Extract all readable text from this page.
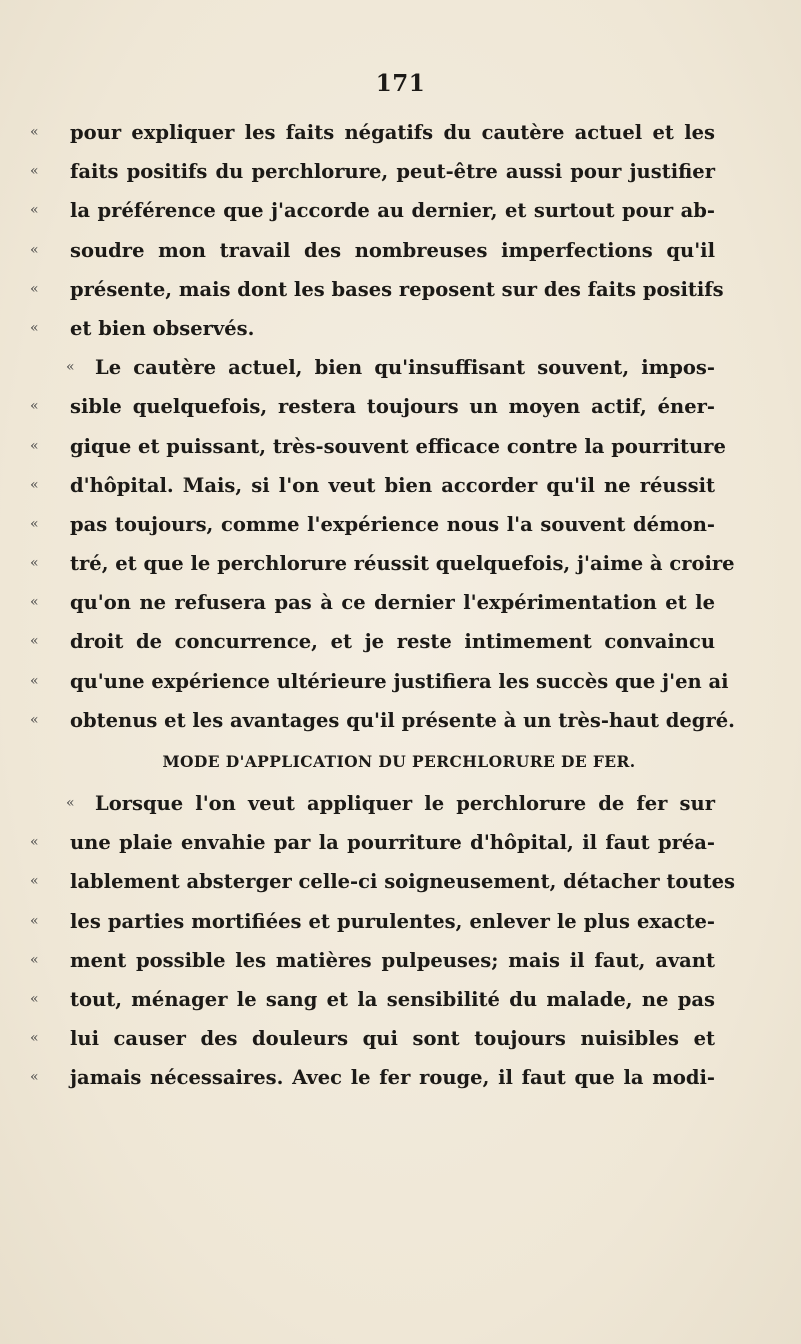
171
« pour expliquer les faits négatifs du cautère actuel et les
« faits positifs du perchlorure, peut-être aussi pour justifier
« la préférence que j'accorde au dernier, et surtout pour ab-
« soudre mon travail des nombreuses imperfections qu'il
« présente, mais dont les bases reposent sur des faits positifs
« et bien observés.
« Le cautère actuel, bien qu'insuffisant souvent, impos-
« sible quelquefois, restera toujours un moyen actif, éner-
« gique et puissant, très-souvent efficace contre la pourriture
« d'hôpital. Mais, si l'on veut bien accorder qu'il ne réussit
« pas toujours, comme l'expérience nous l'a souvent démon-
« tré, et que le perchlorure réussit quelquefois, j'aime à croire
« qu'on ne refusera pas à ce dernier l'expérimentation et le
« droit de concurrence, et je reste intimement convaincu
« qu'une expérience ultérieure justifiera les succès que j'en ai
« obtenus et les avantages qu'il présente à un très-haut degré.
MODE D'APPLICATION DU PERCHLORURE DE FER.
« Lorsque l'on veut appliquer le perchlorure de fer sur
« une plaie envahie par la pourriture d'hôpital, il faut préa-
« lablement absterger celle-ci soigneusement, détacher toutes
« les parties mortifiées et purulentes, enlever le plus exacte-
« ment possible les matières pulpeuses; mais il faut, avant
« tout, ménager le sang et la sensibilité du malade, ne pas
« lui causer des douleurs qui sont toujours nuisibles et
« jamais nécessaires. Avec le fer rouge, il faut que la modi-
